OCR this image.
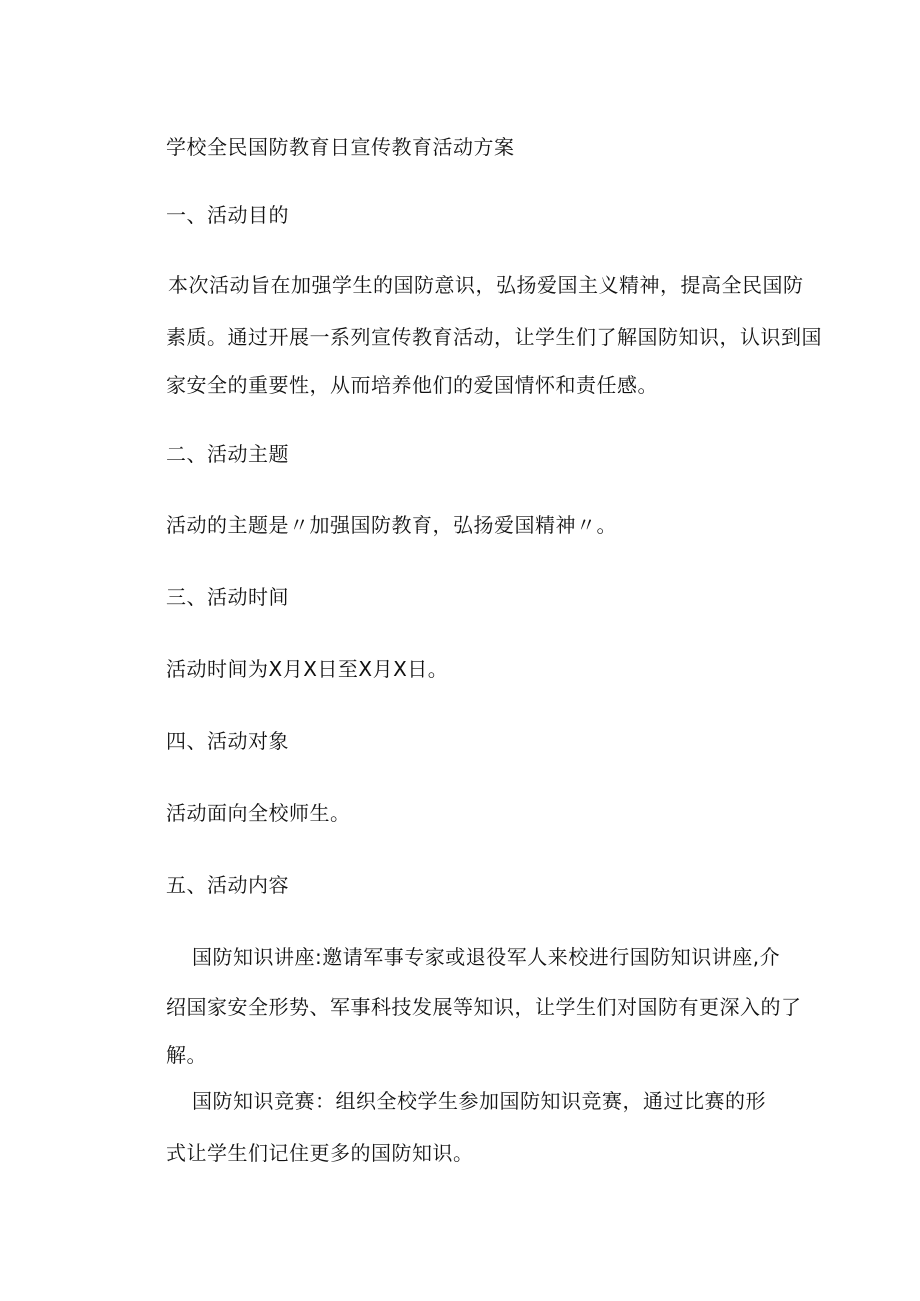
学校全民国防教育日宣传教育活动方案
一、活动目的
本次活动旨在加强学生的国防意识，弘扬爱国主义精神，提高全民国防
素质。通过开展一系列宣传教育活动，让学生们了解国防知识，认识到国
家安全的重要性，从而培养他们的爱国情怀和责任感。
二、活动主题
活动的主题是〃加强国防教育，弘扬爱国精神〃。
三、活动时间
活动时间为X月X日至X月X日。
四、活动对象
活动面向全校师生。
五、活动内容
国防知识讲座:邀请军事专家或退役军人来校进行国防知识讲座,介
绍国家安全形势、军事科技发展等知识，让学生们对国防有更深入的了
解。
国防知识竞赛：组织全校学生参加国防知识竞赛，通过比赛的形
式让学生们记住更多的国防知识。
